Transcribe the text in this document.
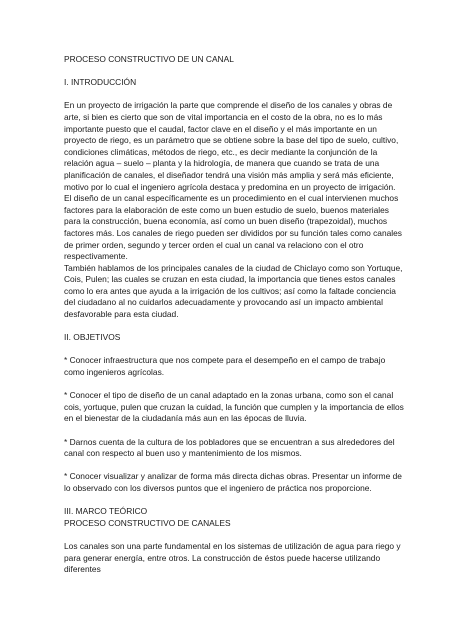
PROCESO CONSTRUCTIVO DE UN CANAL

I. INTRODUCCIÓN

En un proyecto de irrigación la parte que comprende el diseño de los canales y obras de arte, si bien es cierto que son de vital importancia en el costo de la obra, no es lo más importante puesto que el caudal, factor clave en el diseño y el más importante en un proyecto de riego, es un parámetro que se obtiene sobre la base del tipo de suelo, cultivo, condiciones climáticas, métodos de riego, etc., es decir mediante la conjunción de la relación agua – suelo – planta y la hidrología, de manera que cuando se trata de una planificación de canales, el diseñador tendrá una visión más amplia y será más eficiente, motivo por lo cual el ingeniero agrícola destaca y predomina en un proyecto de irrigación.

El diseño de un canal específicamente es un procedimiento en el cual intervienen muchos factores para la elaboración de este como un buen estudio de suelo, buenos materiales para la construcción, buena economía, así como un buen diseño (trapezoidal), muchos factores más. Los canales de riego pueden ser divididos por su función tales como canales de primer orden, segundo y tercer orden el cual un canal va relaciono con el otro respectivamente.

También hablamos de los principales canales de la ciudad de Chiclayo como son Yortuque, Cois, Pulen; las cuales se cruzan en esta ciudad, la importancia que tienes estos canales como lo era antes que ayuda a la irrigación de los cultivos; así como la faltade conciencia del ciudadano al no cuidarlos adecuadamente y provocando así un impacto ambiental desfavorable para esta ciudad.

II. OBJETIVOS

* Conocer infraestructura que nos compete para el desempeño en el campo de trabajo como ingenieros agrícolas.

* Conocer el tipo de diseño de un canal adaptado en la zonas urbana, como son el canal cois, yortuque, pulen que cruzan la cuidad, la función que cumplen y la importancia de ellos en el bienestar de la ciudadanía más aun en las épocas de lluvia.

* Darnos cuenta de la cultura de los pobladores que se encuentran a sus alrededores del canal con respecto al buen uso y mantenimiento de los mismos.

* Conocer visualizar y analizar de forma más directa dichas obras. Presentar un informe de lo observado con los diversos puntos que el ingeniero de práctica nos proporcione.

III. MARCO TEÓRICO

PROCESO CONSTRUCTIVO DE CANALES

Los canales son una parte fundamental en los sistemas de utilización de agua para riego y para generar energía, entre otros. La construcción de éstos puede hacerse utilizando diferentes
